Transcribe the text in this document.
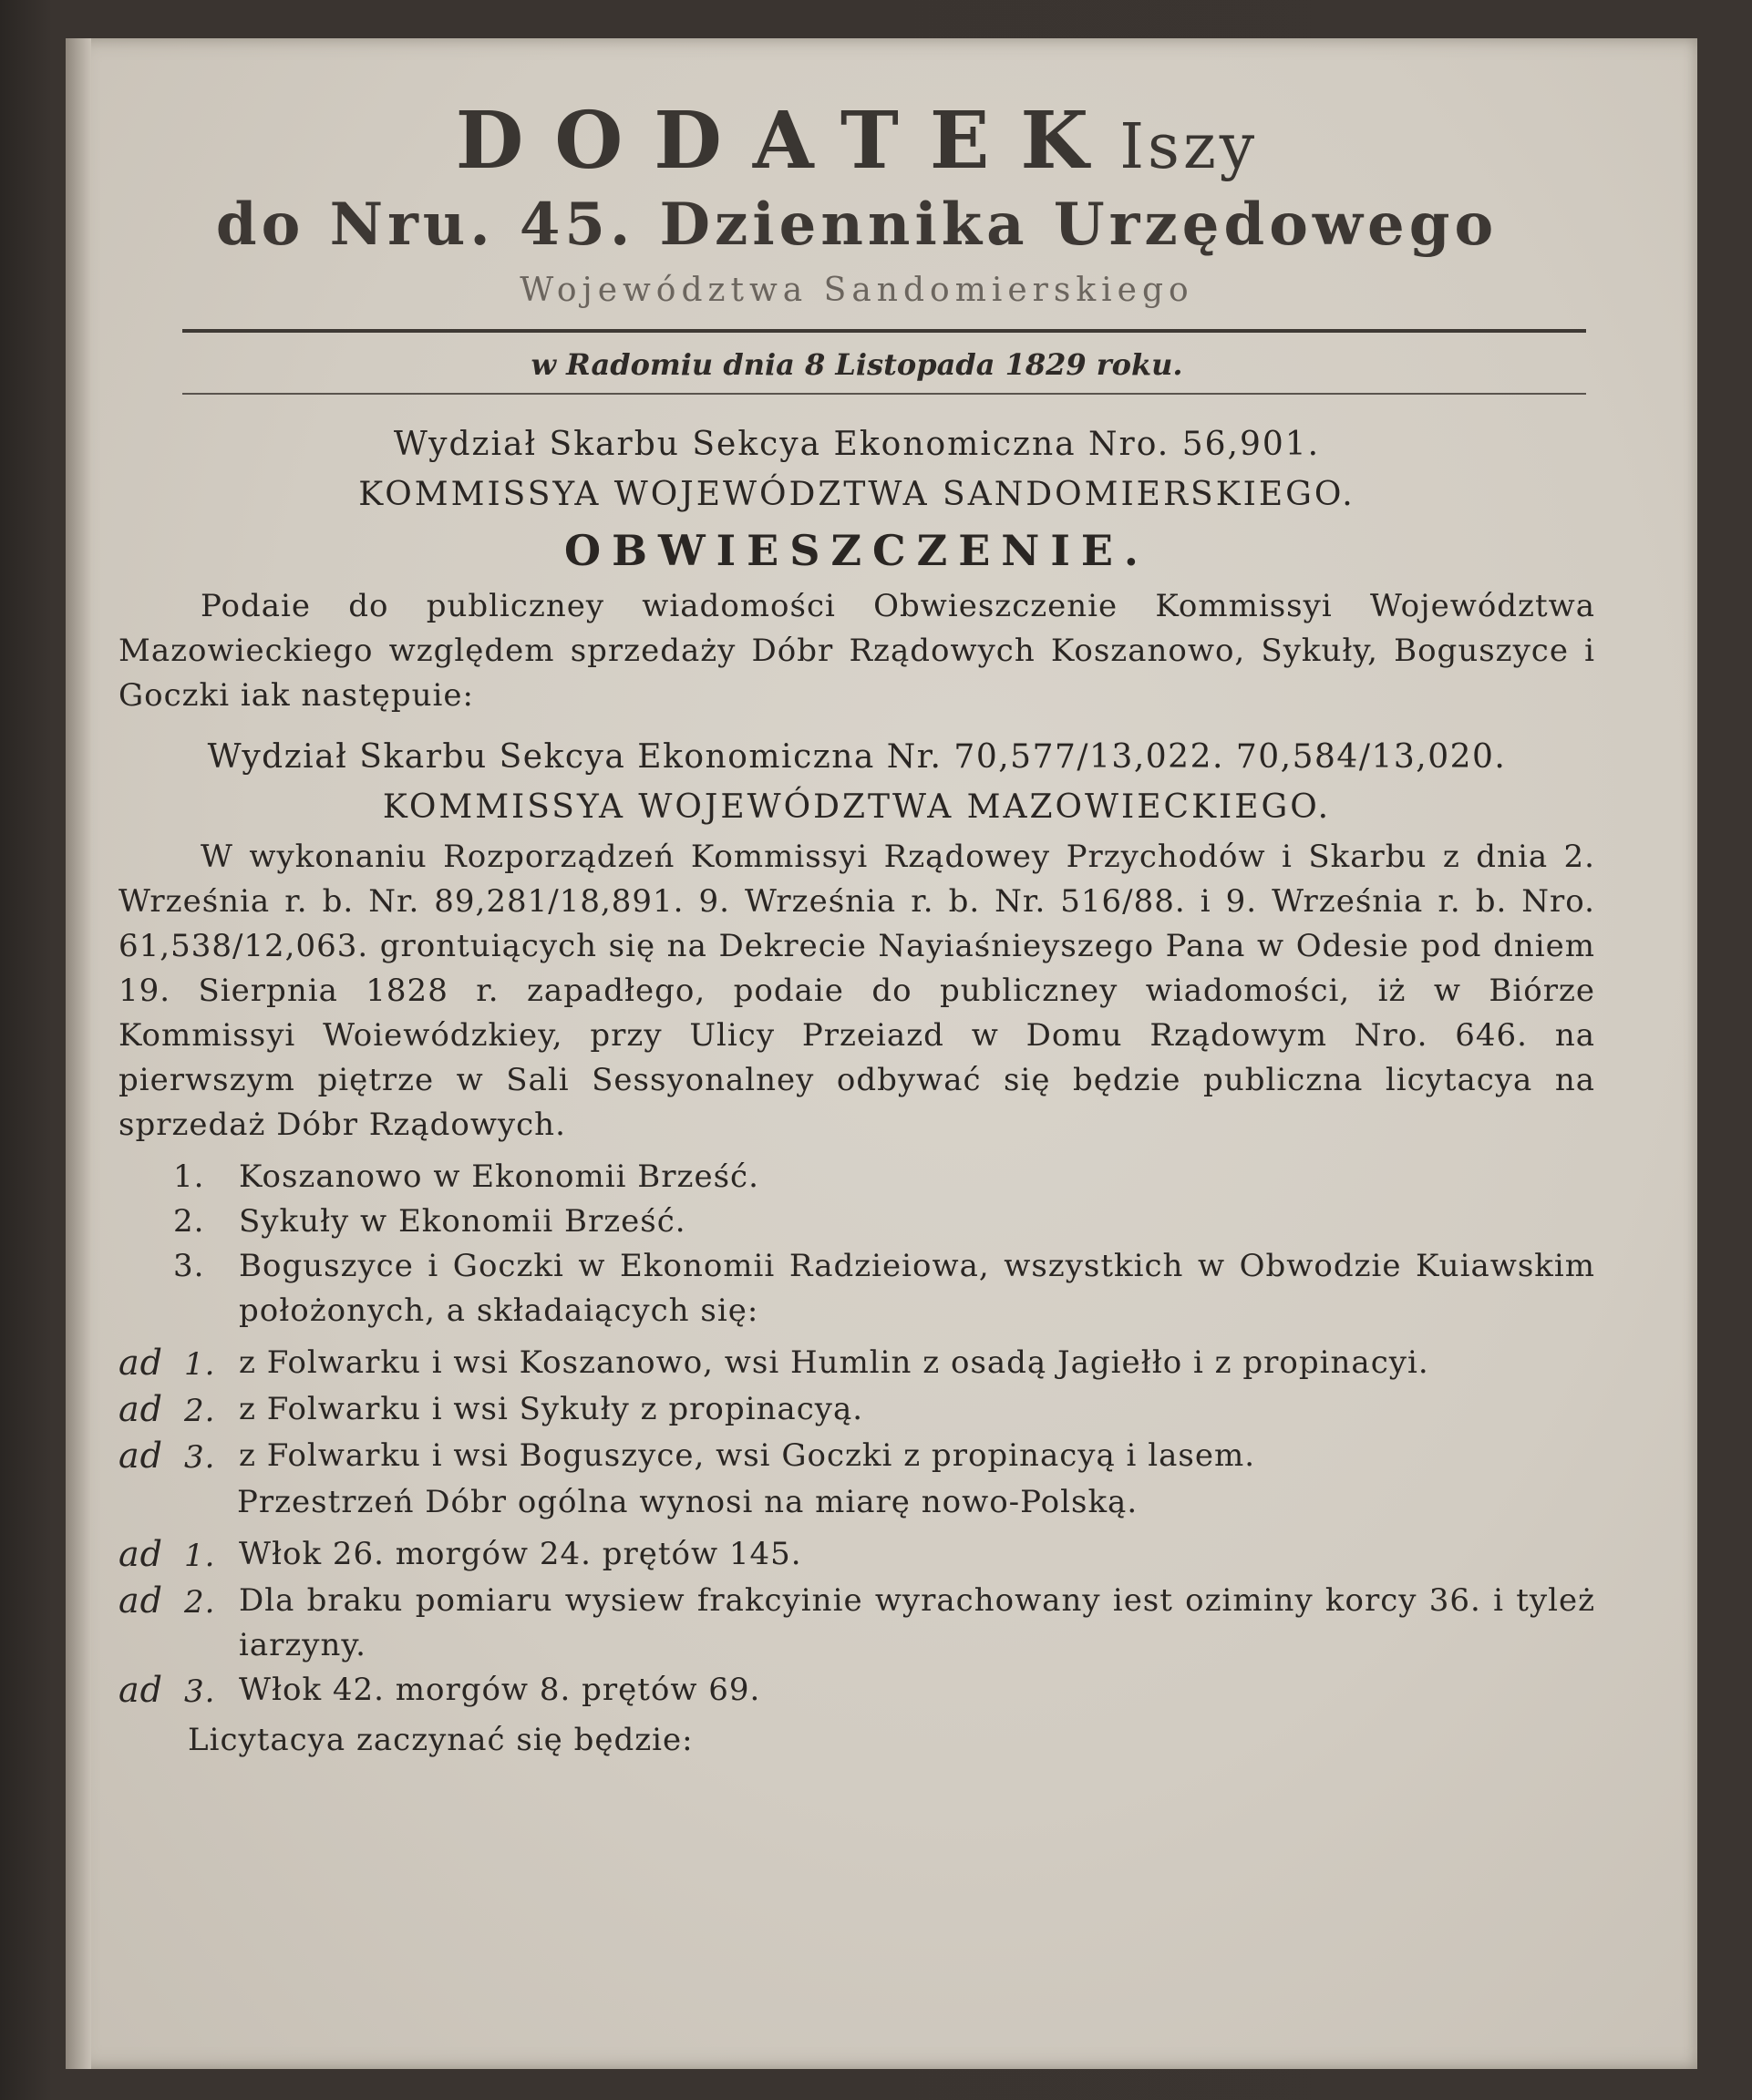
DODATEKIszy
do Nru. 45. Dziennika Urzędowego
Województwa Sandomierskiego
w Radomiu dnia 8 Listopada 1829 roku.
Wydział Skarbu Sekcya Ekonomiczna Nro. 56,901.
KOMMISSYA WOJEWÓDZTWA SANDOMIERSKIEGO.
OBWIESZCZENIE.
Podaie do publiczney wiadomości Obwieszczenie Kommissyi Województwa Mazowieckiego względem sprzedaży Dóbr Rządowych Koszanowo, Sykuły, Boguszyce i Goczki iak następuie:
Wydział Skarbu Sekcya Ekonomiczna Nr. 70,577/13,022. 70,584/13,020.
KOMMISSYA WOJEWÓDZTWA MAZOWIECKIEGO.
W wykonaniu Rozporządzeń Kommissyi Rządowey Przychodów i Skarbu z dnia 2. Września r. b. Nr. 89,281/18,891. 9. Września r. b. Nr. 516/88. i 9. Września r. b. Nro. 61,538/12,063. grontuiących się na Dekrecie Nayiaśnieyszego Pana w Odesie pod dniem 19. Sierpnia 1828 r. zapadłego, podaie do publiczney wiadomości, iż w Biórze Kommissyi Woiewódzkiey, przy Ulicy Przeiazd w Domu Rządowym Nro. 646. na pierwszym piętrze w Sali Sessyonalney odbywać się będzie publiczna licytacya na sprzedaż Dóbr Rządowych.
1.	Koszanowo w Ekonomii Brześć.
2.	Sykuły w Ekonomii Brześć.
3.	Boguszyce i Goczki w Ekonomii Radzieiowa, wszystkich w Obwodzie Kuiawskim położonych, a składaiących się:
ad 1. z Folwarku i wsi Koszanowo, wsi Humlin z osadą Jagiełło i z propinacyi.
ad 2. z Folwarku i wsi Sykuły z propinacyą.
ad 3. z Folwarku i wsi Boguszyce, wsi Goczki z propinacyą i lasem.
Przestrzeń Dóbr ogólna wynosi na miarę nowo-Polską.
ad 1. Włok 26. morgów 24. prętów 145.
ad 2. Dla braku pomiaru wysiew frakcyinie wyrachowany iest oziminy korcy 36. i tyleż iarzyny.
ad 3. Włok 42. morgów 8. prętów 69.
Licytacya zaczynać się będzie:
